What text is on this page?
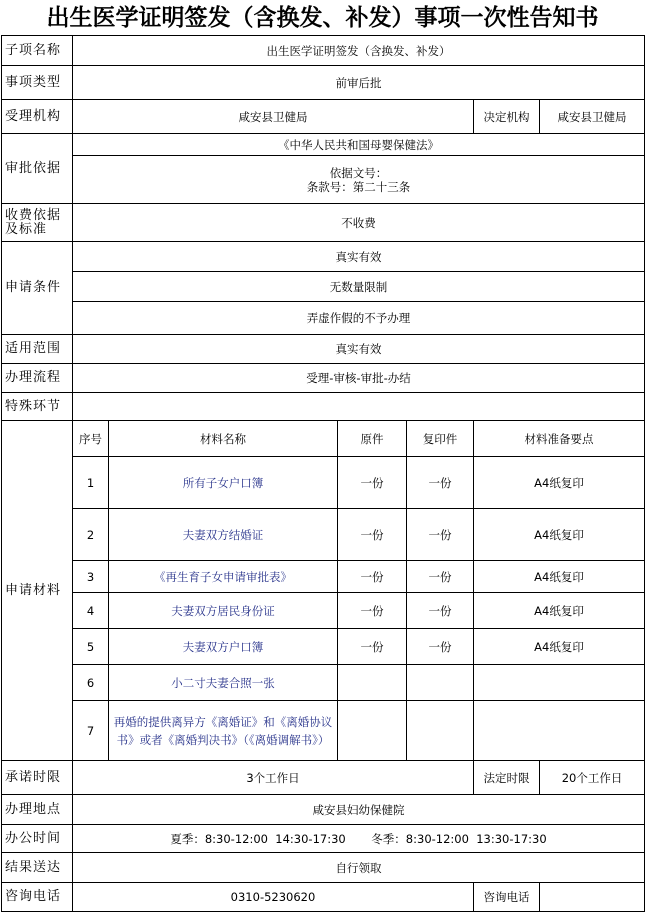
出生医学证明签发（含换发、补发）事项一次性告知书
子项名称	出生医学证明签发（含换发、补发）					
事项类型	前审后批					
受理机构	咸安县卫健局				决定机构	咸安县卫健局
审批依据	《中华人民共和国母婴保健法》					

	依据文号：
条款号：第二十三条					

收费依据及标准	不收费					
申请条件	真实有效					
	无数量限制					
	弄虚作假的不予办理					
适用范围	真实有效					
办理流程	受理-审核-审批-办结					
特殊环节						
申请材料	序号	材料名称	原件	复印件	材料准备要点	
	1	所有子女户口簿	一份	一份	A4纸复印	
	2	夫妻双方结婚证	一份	一份	A4纸复印	
	3	《再生育子女申请审批表》	一份	一份	A4纸复印	
	4	夫妻双方居民身份证	一份	一份	A4纸复印	
	5	夫妻双方户口簿	一份	一份	A4纸复印	
	6	小二寸夫妻合照一张				
	7	再婚的提供离异方《离婚证》和《离婚协议书》或者《离婚判决书》（《离婚调解书》）				
承诺时限	3个工作日				法定时限	20个工作日
办理地点	咸安县妇幼保健院					
办公时间	夏季：8:30-12:00  14:30-17:30       冬季：8:30-12:00  13:30-17:30					
结果送达	自行领取					
咨询电话	0310-5230620				咨询电话	
